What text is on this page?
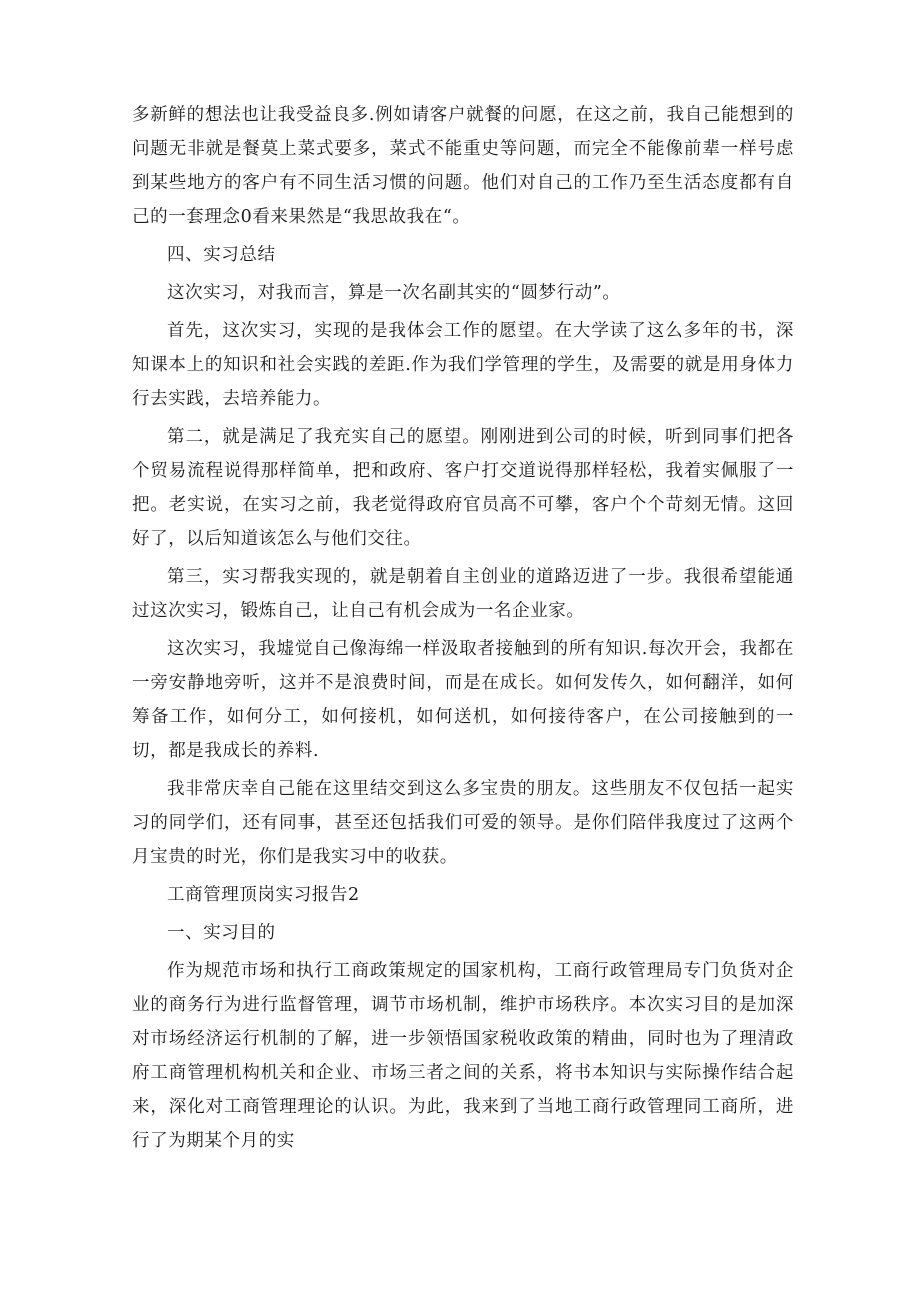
多新鲜的想法也让我受益良多.例如请客户就餐的问愿，在这之前，我自己能想到的问题无非就是餐莫上菜式要多，菜式不能重史等问题，而完全不能像前辈一样号虑到某些地方的客户有不同生活习惯的问题。他们对自己的工作乃至生活态度都有自己的一套理念0看来果然是“我思故我在“。

四、实习总结

这次实习，对我而言，算是一次名副其实的“圆梦行动”。

首先，这次实习，实现的是我体会工作的愿望。在大学读了这么多年的书，深知课本上的知识和社会实践的差距.作为我们学管理的学生，及需要的就是用身体力行去实践，去培养能力。

第二，就是满足了我充实自己的愿望。刚刚进到公司的时候，听到同事们把各个贸易流程说得那样简单，把和政府、客户打交道说得那样轻松，我着实佩服了一把。老实说，在实习之前，我老觉得政府官员高不可攀，客户个个苛刻无情。这回好了，以后知道该怎么与他们交往。

第三，实习帮我实现的，就是朝着自主创业的道路迈进了一步。我很希望能通过这次实习，锻炼自己，让自己有机会成为一名企业家。

这次实习，我墟觉自己像海绵一样汲取者接触到的所有知识.每次开会，我都在一旁安静地旁听，这并不是浪费时间，而是在成长。如何发传久，如何翻洋，如何筹备工作，如何分工，如何接机，如何送机，如何接待客户，在公司接触到的一切，都是我成长的养料.

我非常庆幸自己能在这里结交到这么多宝贵的朋友。这些朋友不仅包括一起实习的同学们，还有同事，甚至还包括我们可爱的领导。是你们陪伴我度过了这两个月宝贵的时光，你们是我实习中的收获。

工商管理顶岗实习报告2

一、实习目的

作为规范市场和执行工商政策规定的国家机构，工商行政管理局专门负货对企业的商务行为进行监督管理，调节市场机制，维护市场秩序。本次实习目的是加深对市场经济运行机制的了解，进一步领悟国家税收政策的精曲，同时也为了理清政府工商管理机构机关和企业、市场三者之间的关系，将书本知识与实际操作结合起来，深化对工商管理理论的认识。为此，我来到了当地工商行政管理同工商所，进行了为期某个月的实
